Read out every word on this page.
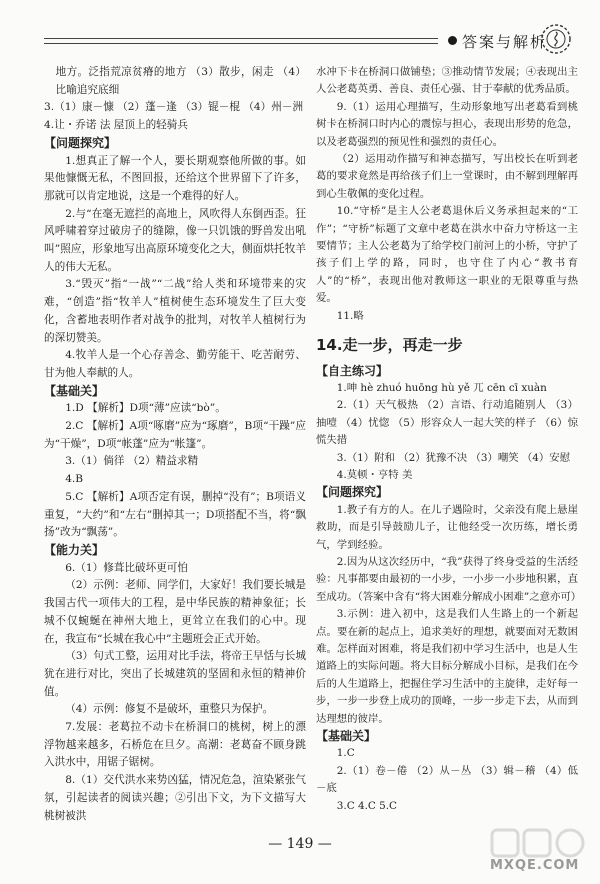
答案与解析

地方。泛指荒凉贫瘠的地方 （3）散步，闲走 （4）比喻追究底细

3.（1）康－慷 （2）蓬－逢 （3）锟－棍 （4）州－洲

4.让・乔诺 法 屋顶上的轻骑兵

【问题探究】

1.想真正了解一个人，要长期观察他所做的事。如果他慷慨无私，不图回报，还给这个世界留下了许多，那就可以肯定地说，这是一个难得的好人。

2.与“在毫无遮拦的高地上，风吹得人东倒西歪。狂风呼啸着穿过破房子的缝隙，像一只饥饿的野兽发出吼叫”照应，形象地写出高原环境变化之大，侧面烘托牧羊人的伟大无私。

3.“毁灭”指“一战”“二战”给人类和环境带来的灾难，“创造”指“牧羊人”植树使生态环境发生了巨大变化，含蓄地表明作者对战争的批判，对牧羊人植树行为的深切赞美。

4.牧羊人是一个心存善念、勤劳能干、吃苦耐劳、甘为他人奉献的人。

【基础关】

1.D 【解析】D项“薄”应读“bò”。

2.C 【解析】A项“啄磨”应为“琢磨”，B项“干躁”应为“干燥”，D项“帐蓬”应为“帐篷”。

3.（1）倘徉 （2）精益求精

4.B

5.C 【解析】A项否定有误，删掉“没有”；B项语义重复，“大约”和“左右”删掉其一；D项搭配不当，将“飘扬”改为“飘荡”。

【能力关】

6.（1）修葺比破坏更可怕

（2）示例：老师、同学们，大家好！我们要长城是我国古代一项伟大的工程，是中华民族的精神象征；长城不仅蜿蜒在神州大地上，更耸立在我们的心中。现在，我宣布“长城在我心中”主题班会正式开始。

（3）句式工整，运用对比手法，将帝王早恬与长城犹在进行对比，突出了长城建筑的坚固和永恒的精神价值。

（4）示例：修复不是破坏，重整只为保护。

7.发展：老葛拉不动卡在桥洞口的桃树，树上的漂浮物越来越多，石桥危在旦夕。高潮：老葛奋不顾身跳入洪水中，用锯子锯树。

8.（1）交代洪水来势凶猛，情况危急，渲染紧张气氛，引起读者的阅读兴趣；②引出下文，为下文描写大桃树被洪

水冲下卡在桥洞口做铺垫；③推动情节发展；④表现出主人公老葛英勇、善良、责任心强、甘于奉献的优秀品质。

9.（1）运用心理描写，生动形象地写出老葛看到桃树卡在桥洞口时内心的震惊与担心，表现出形势的危急，以及老葛强烈的预见性和强烈的责任心。

（2）运用动作描写和神态描写，写出校长在听到老葛的要求竟然是再给孩子们上一堂课时，由不解到理解再到心生敬佩的变化过程。

10.“守桥”是主人公老葛退休后义务承担起来的“工作”；“守桥”标题了文章中老葛在洪水中奋力守桥这一主要情节；主人公老葛为了给学校门前河上的小桥，守护了孩子们上学的路，同时，也守住了内心“教书育人”的“桥”，表现出他对教师这一职业的无限尊重与热爱。

11.略

14.走一步，再走一步

【自主练习】

1.呻 hè zhuó huōng hù yě 兀 cēn cī xuàn

2.（1）天气极热 （2）言语、行动追随别人 （3）抽噎 （4）忧惚 （5）形容众人一起大笑的样子 （6）惊慌失措

3.（1）附和 （2）犹豫不决 （3）嘲笑 （4）安慰

4.莫顿・亨特 美

【问题探究】

1.教子有方的人。在儿子遇险时，父亲没有爬上悬崖救助，而是引导鼓励儿子，让他经受一次历练，增长勇气，学到经验。

2.因为从这次经历中，“我”获得了终身受益的生活经验：凡事都要由最初的一小步，一小步一小步地积累，直至成功。（答案中含有“将大困难分解成小困难”之意亦可）

3.示例：进入初中，这是我们人生路上的一个新起点。要在新的起点上，追求美好的理想，就要面对无数困难。怎样面对困难，将是我们初中学习生活中，也是人生道路上的实际问题。将大目标分解成小目标，是我们在今后的人生道路上，把握住学习生活中的主旋律，走好每一步，一步一步登上成功的顶峰，一步一步走下去，从而到达理想的彼岸。

【基础关】

1.C

2.（1）卷－倦 （2）从－丛 （3）辑－稽 （4）低－底

3.C 4.C 5.C

— 149 —
MXQE.COM
